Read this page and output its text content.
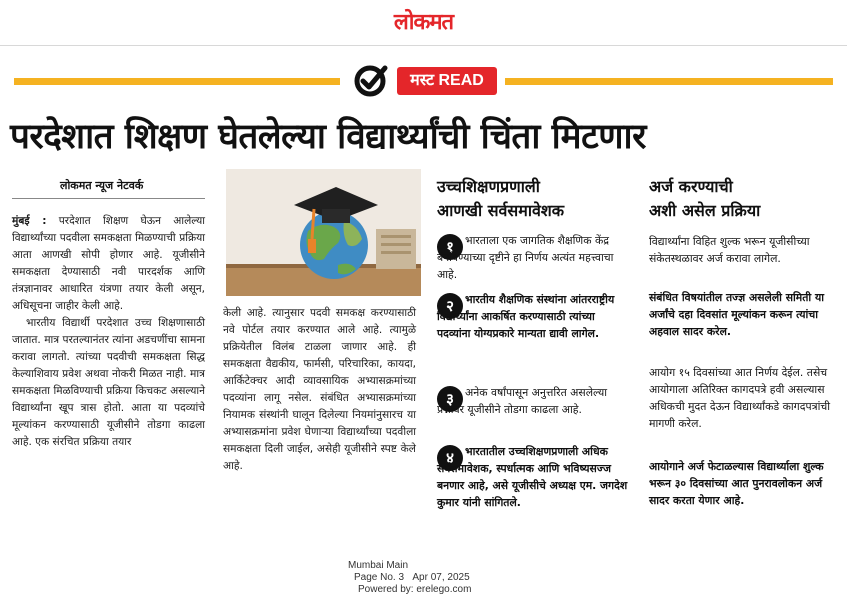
लोकमत
मस्ट READ
परदेशात शिक्षण घेतलेल्या विद्यार्थ्यांची चिंता मिटणार
लोकमत न्यूज नेटवर्क

मुंबई : परदेशात शिक्षण घेऊन आलेल्या विद्यार्थ्यांच्या पदवीला समकक्षता मिळण्याची प्रक्रिया आता आणखी सोपी होणार आहे. यूजीसीने समकक्षता देण्यासाठी नवी पारदर्शक आणि तंत्रज्ञानावर आधारित यंत्रणा तयार केली असून, अधिसूचना जाहीर केली आहे.

भारतीय विद्यार्थी परदेशात उच्च शिक्षणासाठी जातात. मात्र परतल्यानंतर त्यांना अडचणींचा सामना करावा लागतो. त्यांच्या पदवीची समकक्षता सिद्ध केल्याशिवाय प्रवेश अथवा नोकरी मिळत नाही. मात्र समकक्षता मिळविण्याची प्रक्रिया किचकट असल्याने विद्यार्थ्यांना खूप त्रास होतो. आता या पदव्यांचे मूल्यांकन करण्यासाठी यूजीसीने तोडगा काढला आहे. एक संरचित प्रक्रिया तयार

केली आहे. त्यानुसार पदवी समकक्ष करण्यासाठी नवे पोर्टल तयार करण्यात आले आहे. त्यामुळे प्रक्रियेतील विलंब टाळला जाणार आहे. ही समकक्षता वैद्यकीय, फार्मसी, परिचारिका, कायदा, आर्किटेक्चर आदी व्यावसायिक अभ्यासक्रमांच्या पदव्यांना लागू नसेल. संबंधित अभ्यासक्रमांच्या नियामक संस्थांनी घालून दिलेल्या नियमांनुसारच या अभ्यासक्रमांना प्रवेश घेणाऱ्या विद्यार्थ्यांच्या पदवीला समकक्षता दिली जाईल, असेही यूजीसीने स्पष्ट केले आहे.

उच्चशिक्षणप्रणाली
आणखी सर्वसमावेशक
१	भारताला एक जागतिक शैक्षणिक केंद्र बनविण्याच्या दृष्टीने हा निर्णय अत्यंत महत्त्वाचा आहे.
२	भारतीय शैक्षणिक संस्थांना आंतरराष्ट्रीय विद्यार्थ्यांना आकर्षित करण्यासाठी त्यांच्या पदव्यांना योग्यप्रकारे मान्यता द्यावी लागेल.
३	अनेक वर्षांपासून अनुत्तरित असलेल्या प्रश्नावर यूजीसीने तोडगा काढला आहे.
४	भारतातील उच्चशिक्षणप्रणाली अधिक सर्वसमावेशक, स्पर्धात्मक आणि भविष्यसज्ज बनणार आहे, असे यूजीसीचे अध्यक्ष एम. जगदेश कुमार यांनी सांगितले.
अर्ज करण्याची
अशी असेल प्रक्रिया
विद्यार्थ्यांना विहित शुल्क भरून यूजीसीच्या संकेतस्थळावर अर्ज करावा लागेल.
संबंधित विषयांतील तज्ज्ञ असलेली समिती या अर्जांचे दहा दिवसांत मूल्यांकन करून त्यांचा अहवाल सादर करेल.
आयोग १५ दिवसांच्या आत निर्णय देईल. तसेच आयोगाला अतिरिक्त कागदपत्रे हवी असल्यास अधिकची मुदत देऊन विद्यार्थ्यांकडे कागदपत्रांची मागणी करेल.
आयोगाने अर्ज फेटाळल्यास विद्यार्थ्याला शुल्क भरून ३० दिवसांच्या आत पुनरावलोकन अर्ज सादर करता येणार आहे.
Mumbai Main
Page No. 3 Apr 07, 2025
Powered by: erelego.com
